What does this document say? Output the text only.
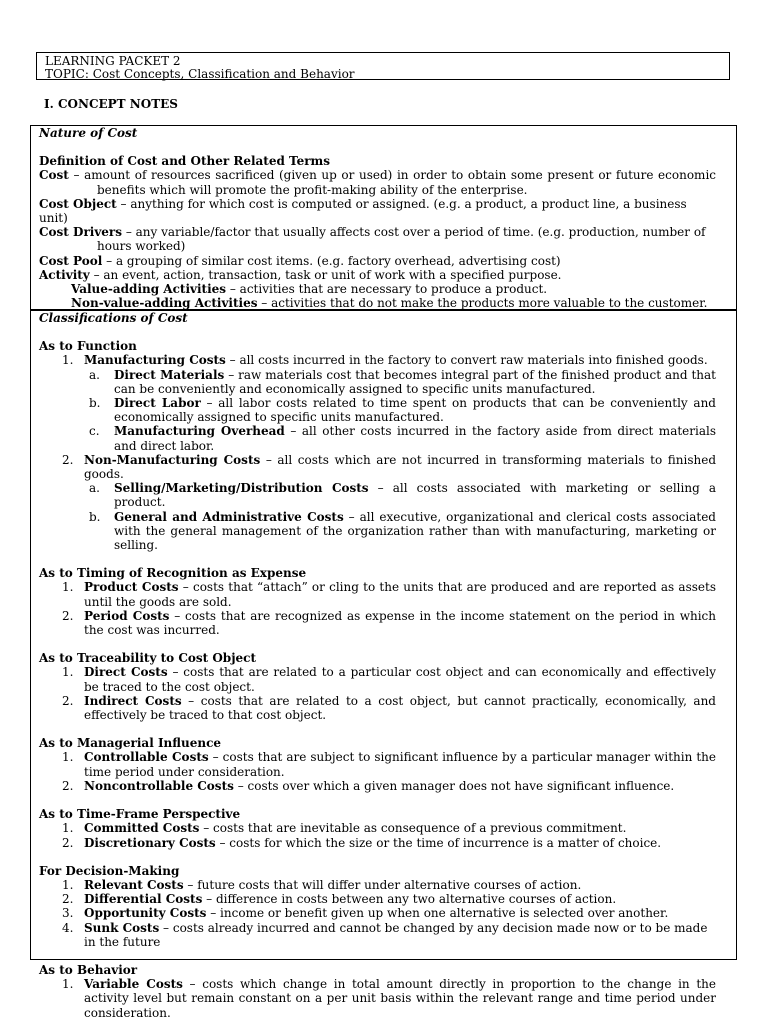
LEARNING PACKET 2
TOPIC: Cost Concepts, Classification and Behavior
I. CONCEPT NOTES
Nature of Cost
Definition of Cost and Other Related Terms
Cost – amount of resources sacrificed (given up or used) in order to obtain some present or future economic benefits which will promote the profit-making ability of the enterprise.
Cost Object – anything for which cost is computed or assigned. (e.g. a product, a product line, a business unit)
Cost Drivers – any variable/factor that usually affects cost over a period of time. (e.g. production, number of hours worked)
Cost Pool – a grouping of similar cost items. (e.g. factory overhead, advertising cost)
Activity – an event, action, transaction, task or unit of work with a specified purpose.
Value-adding Activities – activities that are necessary to produce a product.
Non-value-adding Activities – activities that do not make the products more valuable to the customer.
Classifications of Cost
As to Function
1. Manufacturing Costs – all costs incurred in the factory to convert raw materials into finished goods.
a. Direct Materials – raw materials cost that becomes integral part of the finished product and that can be conveniently and economically assigned to specific units manufactured.
b. Direct Labor – all labor costs related to time spent on products that can be conveniently and economically assigned to specific units manufactured.
c. Manufacturing Overhead – all other costs incurred in the factory aside from direct materials and direct labor.
2. Non-Manufacturing Costs – all costs which are not incurred in transforming materials to finished goods.
a. Selling/Marketing/Distribution Costs – all costs associated with marketing or selling a product.
b. General and Administrative Costs – all executive, organizational and clerical costs associated with the general management of the organization rather than with manufacturing, marketing or selling.
As to Timing of Recognition as Expense
1. Product Costs – costs that “attach” or cling to the units that are produced and are reported as assets until the goods are sold.
2. Period Costs – costs that are recognized as expense in the income statement on the period in which the cost was incurred.
As to Traceability to Cost Object
1. Direct Costs – costs that are related to a particular cost object and can economically and effectively be traced to the cost object.
2. Indirect Costs – costs that are related to a cost object, but cannot practically, economically, and effectively be traced to that cost object.
As to Managerial Influence
1. Controllable Costs – costs that are subject to significant influence by a particular manager within the time period under consideration.
2. Noncontrollable Costs – costs over which a given manager does not have significant influence.
As to Time-Frame Perspective
1. Committed Costs – costs that are inevitable as consequence of a previous commitment.
2. Discretionary Costs – costs for which the size or the time of incurrence is a matter of choice.
For Decision-Making
1. Relevant Costs – future costs that will differ under alternative courses of action.
2. Differential Costs – difference in costs between any two alternative courses of action.
3. Opportunity Costs – income or benefit given up when one alternative is selected over another.
4. Sunk Costs – costs already incurred and cannot be changed by any decision made now or to be made in the future
As to Behavior
1. Variable Costs – costs which change in total amount directly in proportion to the change in the activity level but remain constant on a per unit basis within the relevant range and time period under consideration.
